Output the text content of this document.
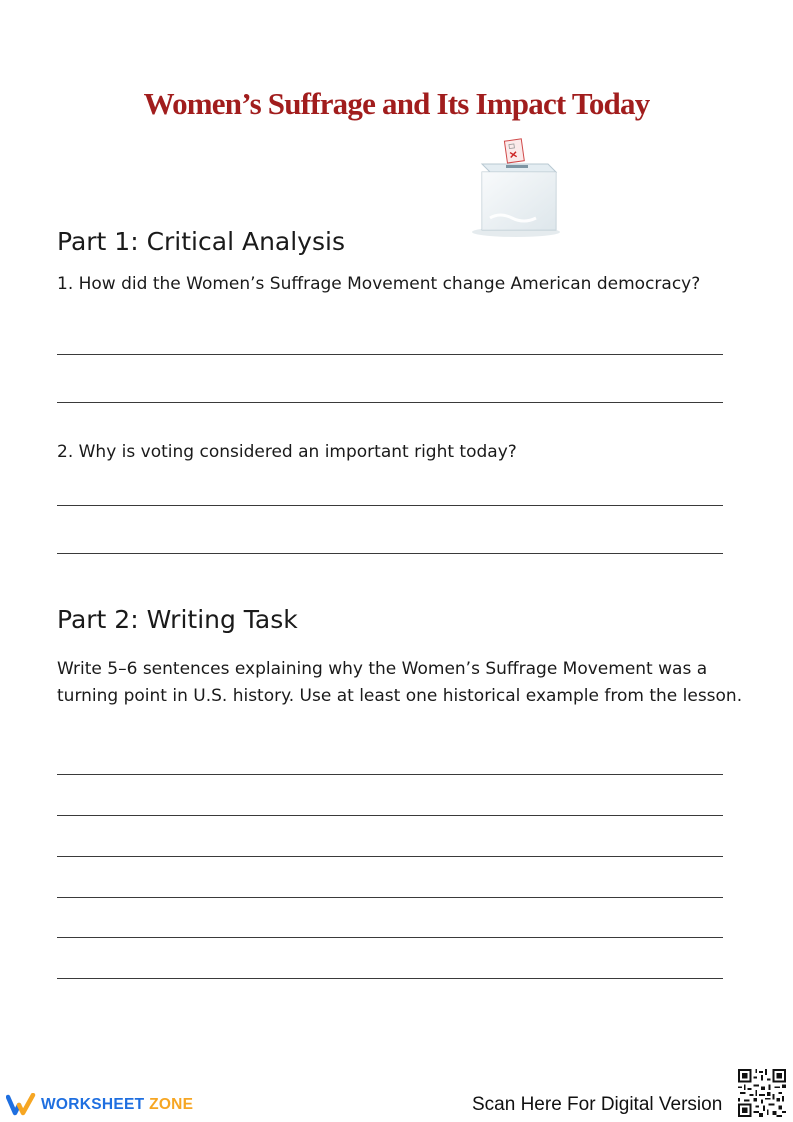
Women’s Suffrage and Its Impact Today
Part 1: Critical Analysis
1. How did the Women’s Suffrage Movement change American democracy?
2. Why is voting considered an important right today?
Part 2: Writing Task
Write 5–6 sentences explaining why the Women’s Suffrage Movement was a turning point in U.S. history. Use at least one historical example from the lesson.
WORKSHEET ZONE	Scan Here For Digital Version
